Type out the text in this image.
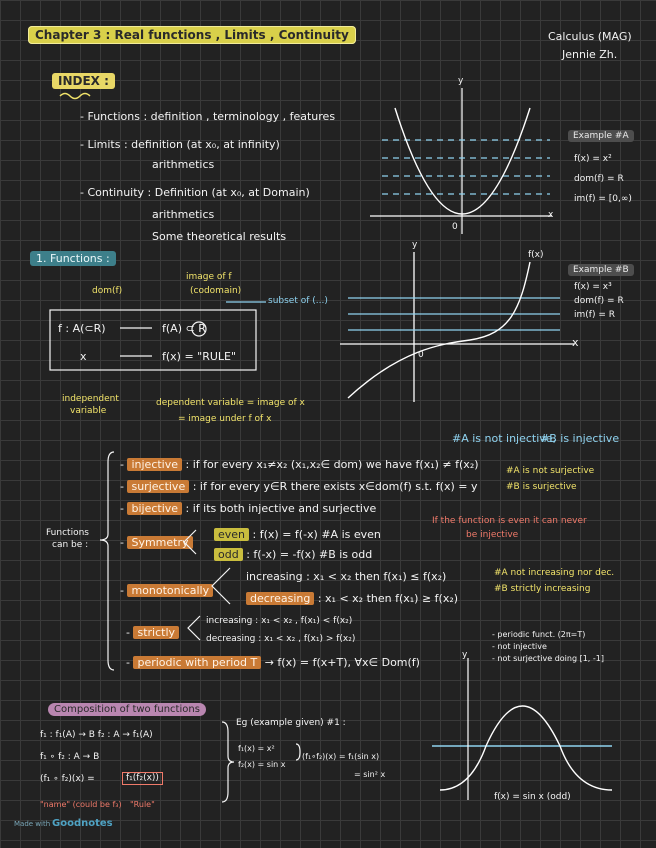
Chapter 3 : Real functions , Limits , Continuity	Calculus (MAG)
Jennie Zh.
INDEX :
- Functions : definition , terminology , features
- Limits : definition (at x₀, at infinity)
arithmetics
- Continuity : Definition (at x₀, at Domain)
arithmetics
Some theoretical results
1. Functions :
dom(f)
image of f
(codomain)
subset of (...)
f : A(⊂R)	f(A) ⊂ R
x	f(x) = "RULE"
independent
variable
dependent variable = image of x
= image under f of x
Example #A
f(x) = x²
dom(f) = R
im(f) = [0,∞)
Example #B
f(x) = x³
dom(f) = R
im(f) = R
y
x
0
y
f(x)
x
0
#A is not injective,
#B is injective
Functions
can be :
- injective : if for every x₁≠x₂ (x₁,x₂∈ dom) we have f(x₁) ≠ f(x₂)
- surjective : if for every y∈R there exists x∈dom(f) s.t. f(x) = y
#A is not surjective
#B is surjective
- bijective : if its both injective and surjective
If the function is even it can never
be injective
- Symmetry
even : f(x) = f(-x) #A is even
odd : f(-x) = -f(x) #B is odd
- monotonically
increasing : x₁ < x₂ then f(x₁) ≤ f(x₂)
decreasing : x₁ < x₂ then f(x₁) ≥ f(x₂)
#A not increasing nor dec.
#B strictly increasing
- strictly
increasing : x₁ < x₂ , f(x₁) < f(x₂)
decreasing : x₁ < x₂ , f(x₁) > f(x₂)
- periodic with period T → f(x) = f(x+T), ∀x∈ Dom(f)
- periodic funct. (2π=T)
- not injective
- not surjective doing [1, -1]
y
f(x) = sin x (odd)
Composition of two functions
f₁ : f₁(A) → B f₂ : A → f₁(A)
f₁ ∘ f₂ : A → B
(f₁ ∘ f₂)(x) =	f₁(f₂(x))
"name" (could be f₃) "Rule"
Eg (example given) #1 :
f₁(x) = x²
f₂(x) = sin x
(f₁∘f₂)(x) = f₁(sin x)
= sin² x
Made with Goodnotes
